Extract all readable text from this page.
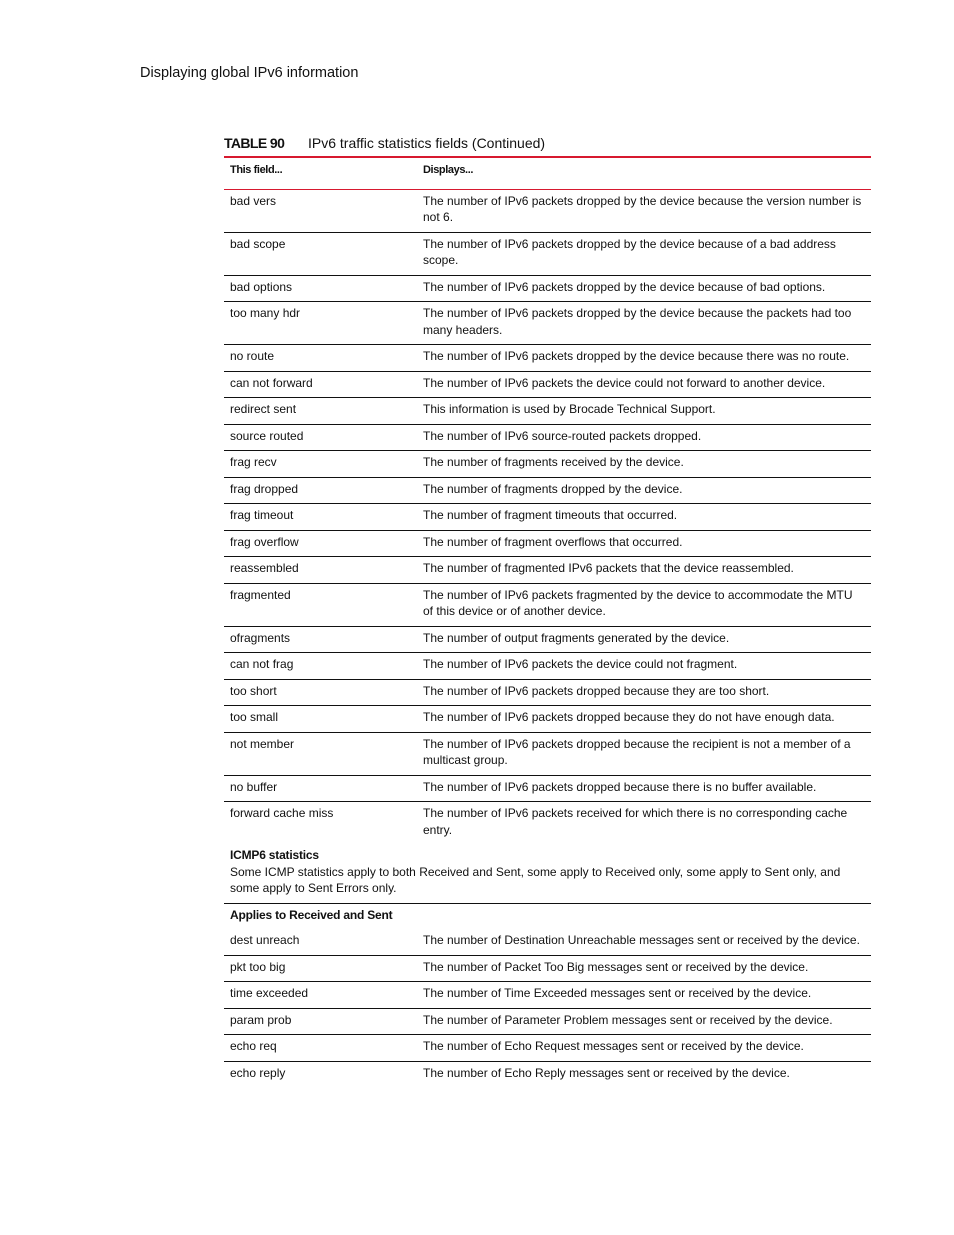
Displaying global IPv6 information
TABLE 90 IPv6 traffic statistics fields (Continued)
This field...	Displays...
bad vers	The number of IPv6 packets dropped by the device because the version number is not 6.
bad scope	The number of IPv6 packets dropped by the device because of a bad address scope.
bad options	The number of IPv6 packets dropped by the device because of bad options.
too many hdr	The number of IPv6 packets dropped by the device because the packets had too many headers.
no route	The number of IPv6 packets dropped by the device because there was no route.
can not forward	The number of IPv6 packets the device could not forward to another device.
redirect sent	This information is used by Brocade Technical Support.
source routed	The number of IPv6 source-routed packets dropped.
frag recv	The number of fragments received by the device.
frag dropped	The number of fragments dropped by the device.
frag timeout	The number of fragment timeouts that occurred.
frag overflow	The number of fragment overflows that occurred.
reassembled	The number of fragmented IPv6 packets that the device reassembled.
fragmented	The number of IPv6 packets fragmented by the device to accommodate the MTU of this device or of another device.
ofragments	The number of output fragments generated by the device.
can not frag	The number of IPv6 packets the device could not fragment.
too short	The number of IPv6 packets dropped because they are too short.
too small	The number of IPv6 packets dropped because they do not have enough data.
not member	The number of IPv6 packets dropped because the recipient is not a member of a multicast group.
no buffer	The number of IPv6 packets dropped because there is no buffer available.
forward cache miss	The number of IPv6 packets received for which there is no corresponding cache entry.

ICMP6 statistics
Some ICMP statistics apply to both Received and Sent, some apply to Received only, some apply to Sent only, and some apply to Sent Errors only.	

Applies to Received and Sent	
dest unreach	The number of Destination Unreachable messages sent or received by the device.
pkt too big	The number of Packet Too Big messages sent or received by the device.
time exceeded	The number of Time Exceeded messages sent or received by the device.
param prob	The number of Parameter Problem messages sent or received by the device.
echo req	The number of Echo Request messages sent or received by the device.
echo reply	The number of Echo Reply messages sent or received by the device.
